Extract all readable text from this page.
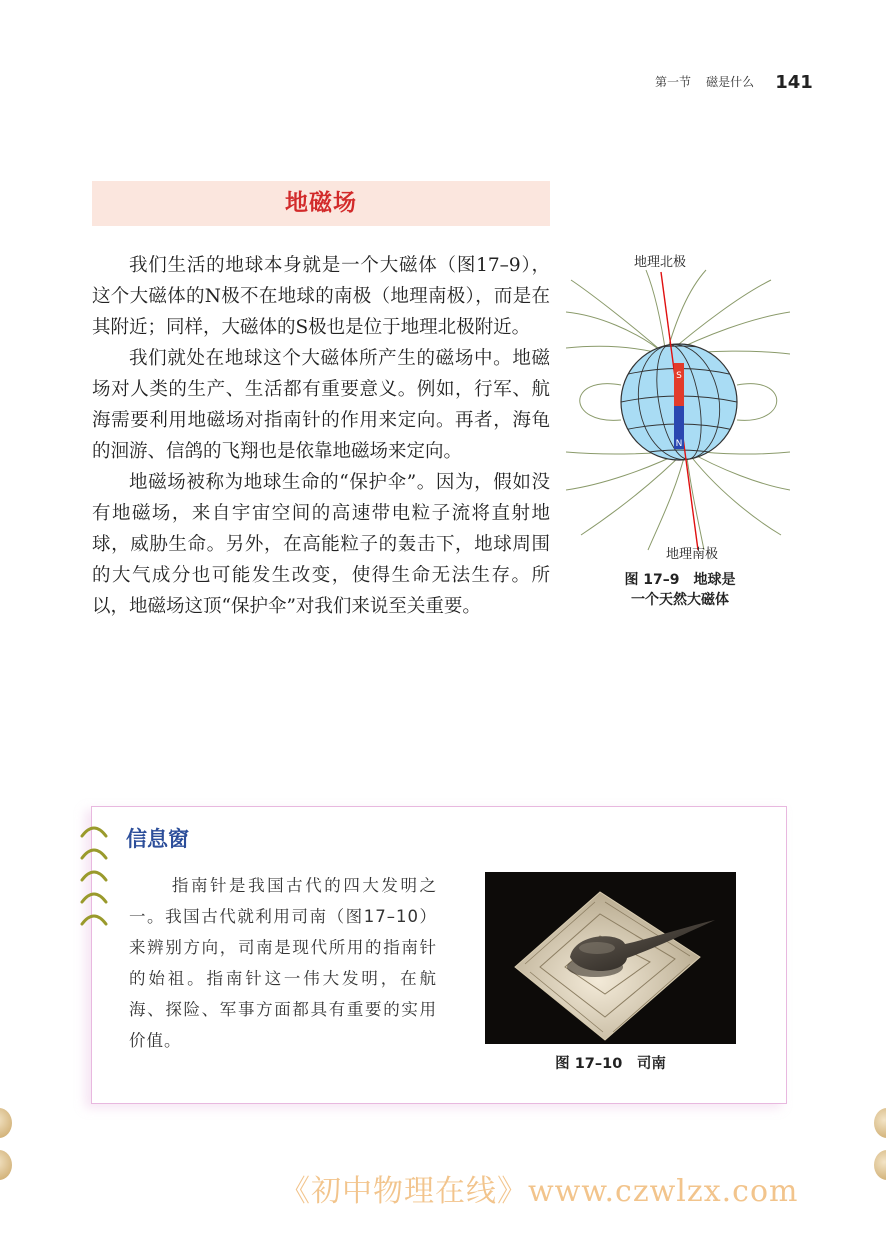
第一节 磁是什么 141
地磁场

我们生活的地球本身就是一个大磁体（图17–9），这个大磁体的N极不在地球的南极（地理南极），而是在其附近；同样，大磁体的S极也是位于地理北极附近。

我们就处在地球这个大磁体所产生的磁场中。地磁场对人类的生产、生活都有重要意义。例如，行军、航海需要利用地磁场对指南针的作用来定向。再者，海龟的洄游、信鸽的飞翔也是依靠地磁场来定向。

地磁场被称为地球生命的“保护伞”。因为，假如没有地磁场，来自宇宙空间的高速带电粒子流将直射地球，威胁生命。另外，在高能粒子的轰击下，地球周围的大气成分也可能发生改变，使得生命无法生存。所以，地磁场这顶“保护伞”对我们来说至关重要。

地理北极
S
N
地理南极
图 17–9　地球是
一个天然大磁体
信息窗

指南针是我国古代的四大发明之一。我国古代就利用司南（图17–10）来辨别方向，司南是现代所用的指南针的始祖。指南针这一伟大发明，在航海、探险、军事方面都具有重要的实用价值。

图 17–10　司南
《初中物理在线》www.czwlzx.com
